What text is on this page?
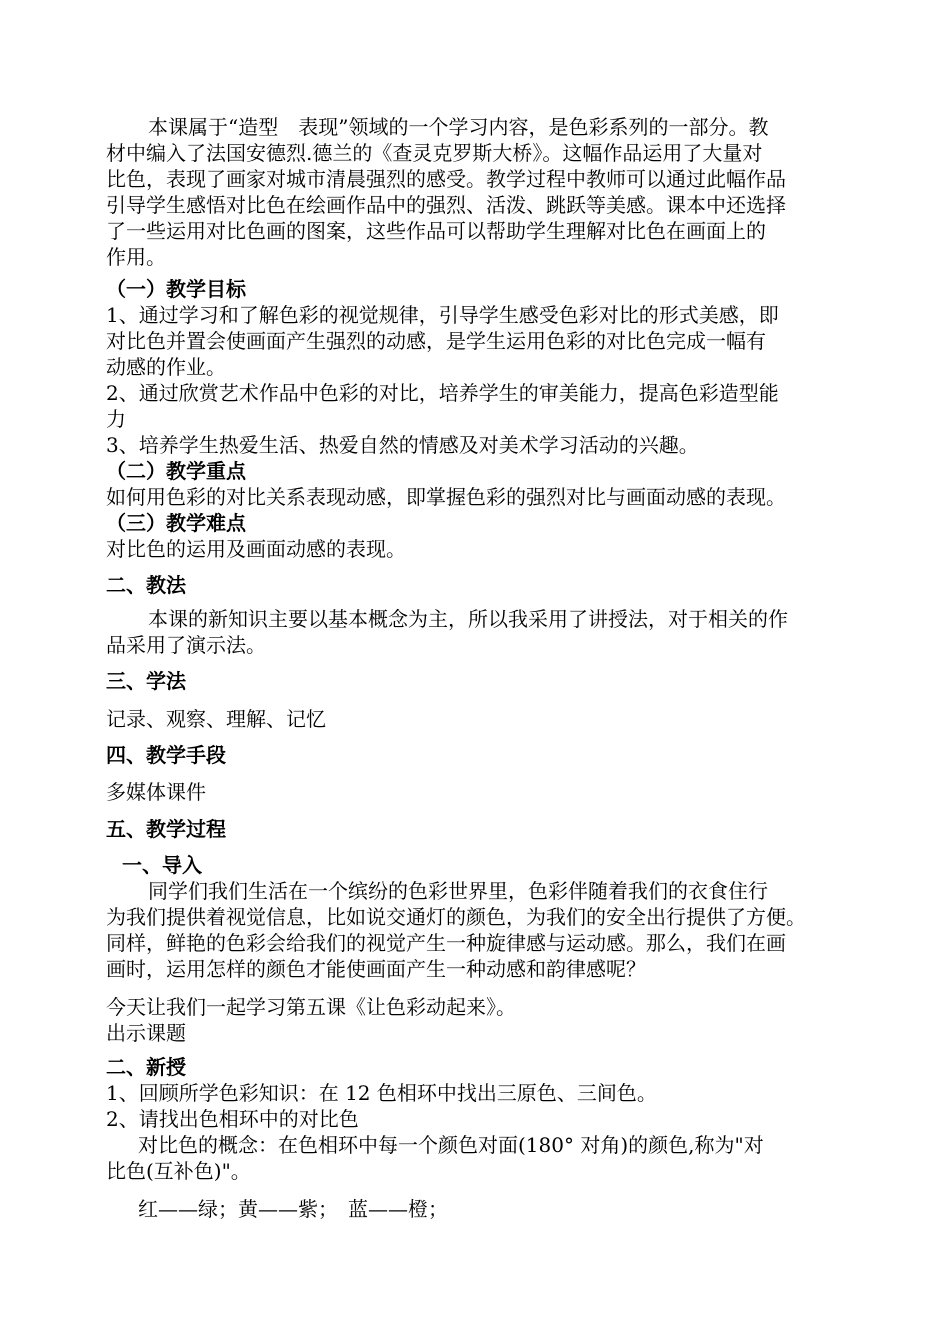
本课属于“造型　表现”领域的一个学习内容，是色彩系列的一部分。教
材中编入了法国安德烈.德兰的《查灵克罗斯大桥》。这幅作品运用了大量对
比色，表现了画家对城市清晨强烈的感受。教学过程中教师可以通过此幅作品
引导学生感悟对比色在绘画作品中的强烈、活泼、跳跃等美感。课本中还选择
了一些运用对比色画的图案，这些作品可以帮助学生理解对比色在画面上的
作用。
（一）教学目标
1、通过学习和了解色彩的视觉规律，引导学生感受色彩对比的形式美感，即
对比色并置会使画面产生强烈的动感，是学生运用色彩的对比色完成一幅有
动感的作业。
2、通过欣赏艺术作品中色彩的对比，培养学生的审美能力，提高色彩造型能
力
3、培养学生热爱生活、热爱自然的情感及对美术学习活动的兴趣。
（二）教学重点
如何用色彩的对比关系表现动感，即掌握色彩的强烈对比与画面动感的表现。
（三）教学难点
对比色的运用及画面动感的表现。
二、教法
本课的新知识主要以基本概念为主，所以我采用了讲授法，对于相关的作
品采用了演示法。
三、学法
记录、观察、理解、记忆
四、教学手段
多媒体课件
五、教学过程
一、导入
同学们我们生活在一个缤纷的色彩世界里，色彩伴随着我们的衣食住行
为我们提供着视觉信息，比如说交通灯的颜色，为我们的安全出行提供了方便。
同样，鲜艳的色彩会给我们的视觉产生一种旋律感与运动感。那么，我们在画
画时，运用怎样的颜色才能使画面产生一种动感和韵律感呢？
今天让我们一起学习第五课《让色彩动起来》。
出示课题
二、新授
1、回顾所学色彩知识：在 12 色相环中找出三原色、三间色。
2、请找出色相环中的对比色
对比色的概念：在色相环中每一个颜色对面(180° 对角)的颜色,称为"对
比色(互补色)"。
红——绿；黄——紫；　蓝——橙；
